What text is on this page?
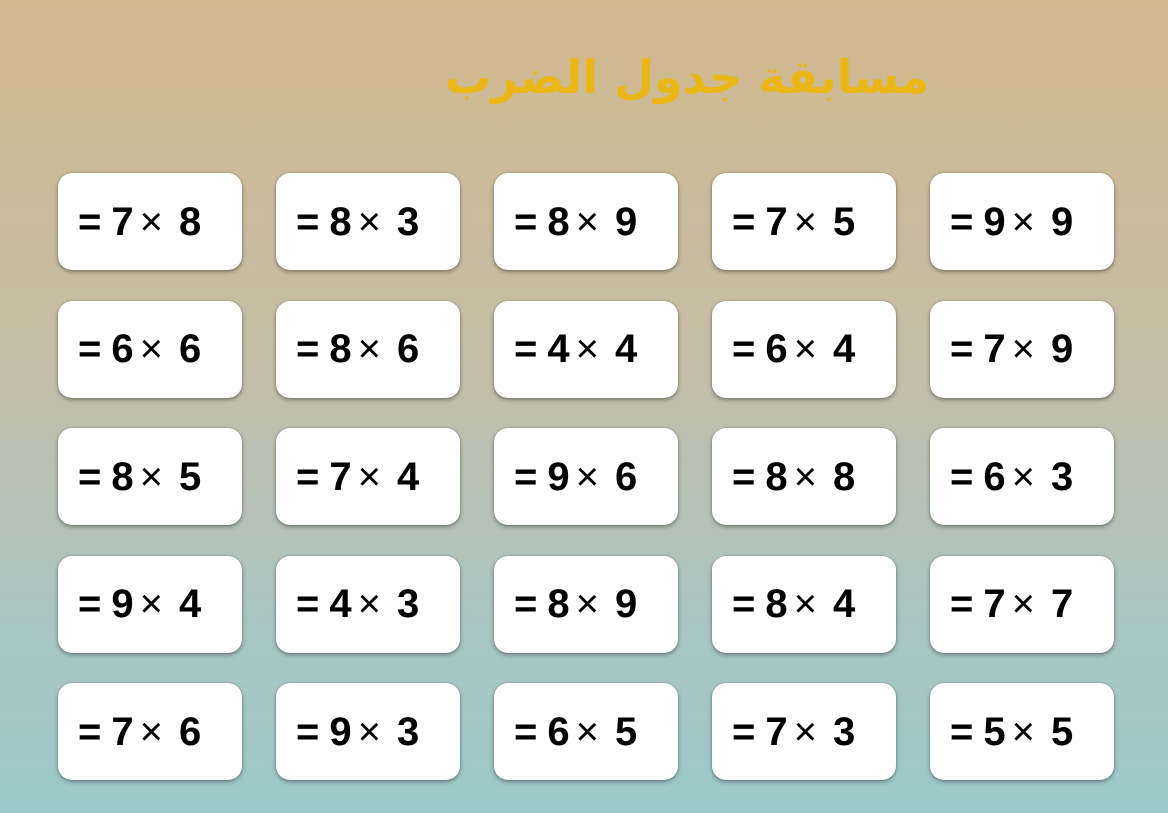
مسابقة جدول الضرب
= 7 × 8 = 8 × 3 = 8 × 9 = 7 × 5 = 9 × 9
= 6 × 6 = 8 × 6 = 4 × 4 = 6 × 4 = 7 × 9
= 8 × 5 = 7 × 4 = 9 × 6 = 8 × 8 = 6 × 3
= 9 × 4 = 4 × 3 = 8 × 9 = 8 × 4 = 7 × 7
= 7 × 6 = 9 × 3 = 6 × 5 = 7 × 3 = 5 × 5
